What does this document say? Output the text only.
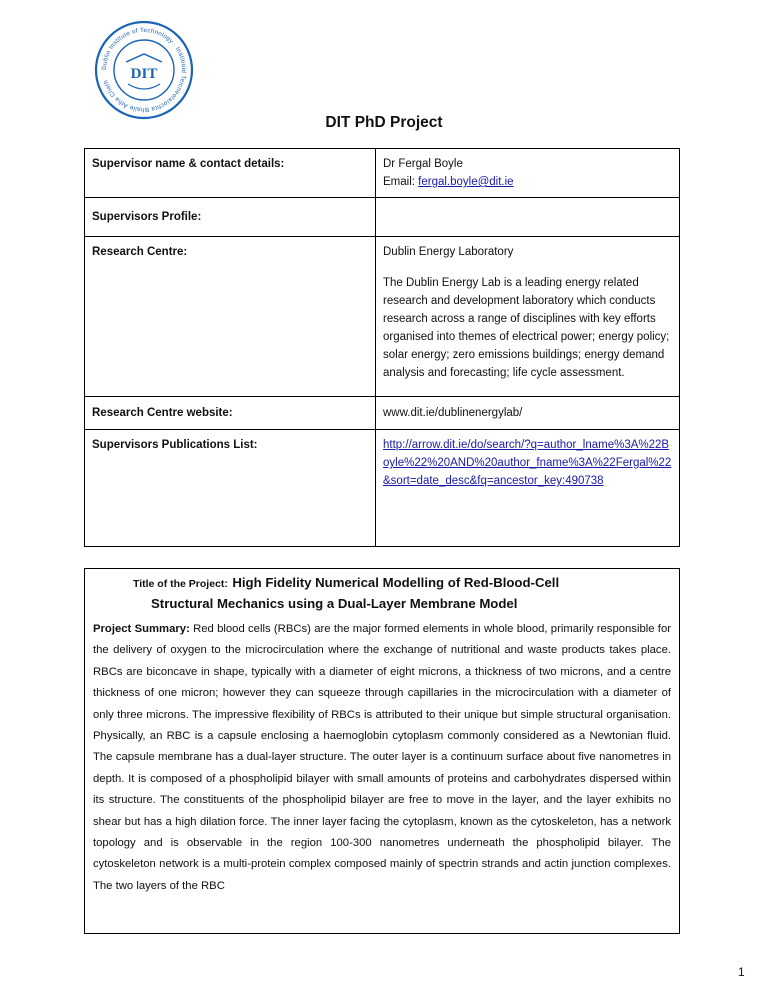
Dublin Institute of Technology · Institiúid Teicneolaíochta Bhaile Átha Cliath	DIT
DIT PhD Project
Supervisor name & contact details:	Dr Fergal Boyle
Email: fergal.boyle@dit.ie

Supervisors Profile:	
Research Centre:	Dublin Energy Laboratory
The Dublin Energy Lab is a leading energy related research and development laboratory which conducts research across a range of disciplines with key efforts organised into themes of electrical power; energy policy; solar energy; zero emissions buildings; energy demand analysis and forecasting; life cycle assessment.

Research Centre website:	www.dit.ie/dublinenergylab/
Supervisors Publications List:	http://arrow.dit.ie/do/search/?q=author_lname%3A%22Boyle%22%20AND%20author_fname%3A%22Fergal%22&sort=date_desc&fq=ancestor_key:490738
Title of the Project: High Fidelity Numerical Modelling of Red-Blood-Cell
Structural Mechanics using a Dual-Layer Membrane Model
Project Summary: Red blood cells (RBCs) are the major formed elements in whole blood, primarily responsible for the delivery of oxygen to the microcirculation where the exchange of nutritional and waste products takes place. RBCs are biconcave in shape, typically with a diameter of eight microns, a thickness of two microns, and a centre thickness of one micron; however they can squeeze through capillaries in the microcirculation with a diameter of only three microns. The impressive flexibility of RBCs is attributed to their unique but simple structural organisation. Physically, an RBC is a capsule enclosing a haemoglobin cytoplasm commonly considered as a Newtonian fluid. The capsule membrane has a dual-layer structure. The outer layer is a continuum surface about five nanometres in depth. It is composed of a phospholipid bilayer with small amounts of proteins and carbohydrates dispersed within its structure. The constituents of the phospholipid bilayer are free to move in the layer, and the layer exhibits no shear but has a high dilation force. The inner layer facing the cytoplasm, known as the cytoskeleton, has a network topology and is observable in the region 100-300 nanometres underneath the phospholipid bilayer. The cytoskeleton network is a multi-protein complex composed mainly of spectrin strands and actin junction complexes. The two layers of the RBC
1
